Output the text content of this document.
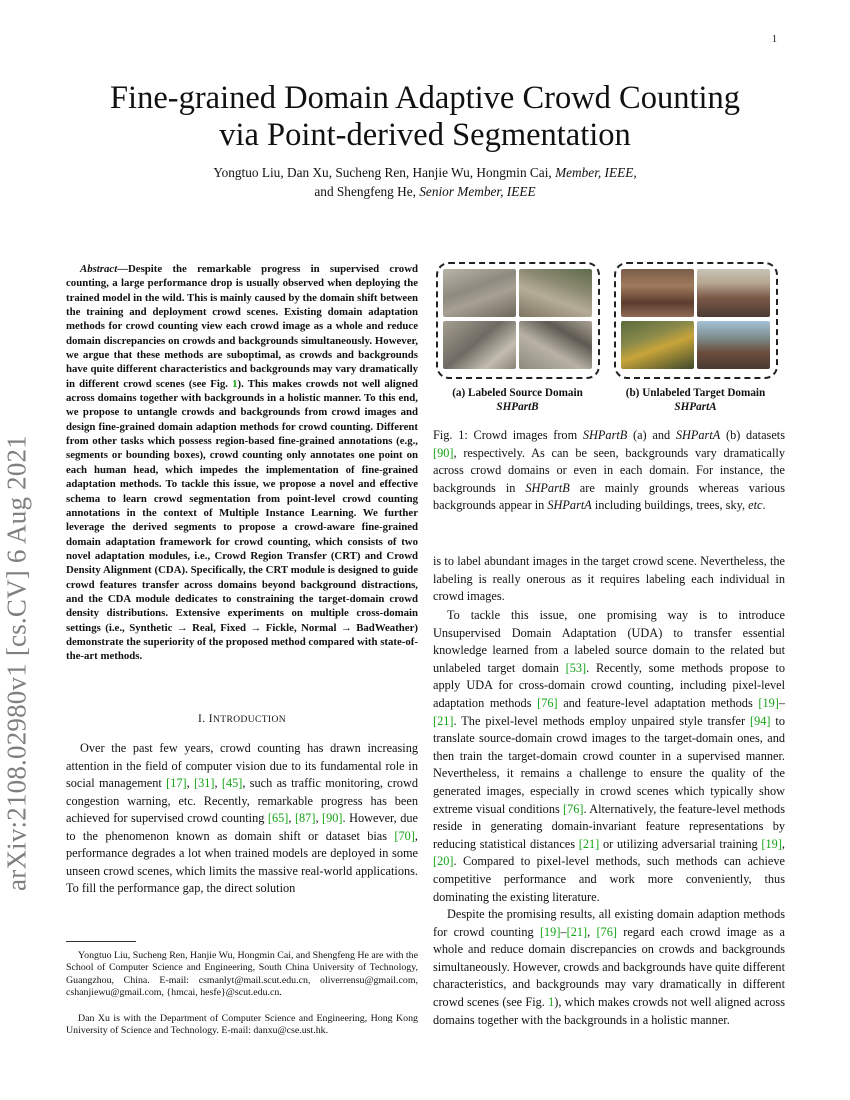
1
arXiv:2108.02980v1 [cs.CV] 6 Aug 2021
Fine-grained Domain Adaptive Crowd Counting
via Point-derived Segmentation
Yongtuo Liu, Dan Xu, Sucheng Ren, Hanjie Wu, Hongmin Cai, Member, IEEE,
and Shengfeng He, Senior Member, IEEE
Abstract—Despite the remarkable progress in supervised crowd counting, a large performance drop is usually observed when deploying the trained model in the wild. This is mainly caused by the domain shift between the training and deployment crowd scenes. Existing domain adaptation methods for crowd counting view each crowd image as a whole and reduce domain discrepancies on crowds and backgrounds simultaneously. However, we argue that these methods are suboptimal, as crowds and backgrounds have quite different characteristics and backgrounds may vary dramatically in different crowd scenes (see Fig. 1). This makes crowds not well aligned across domains together with backgrounds in a holistic manner. To this end, we propose to untangle crowds and backgrounds from crowd images and design fine-grained domain adaption methods for crowd counting. Different from other tasks which possess region-based fine-grained annotations (e.g., segments or bounding boxes), crowd counting only annotates one point on each human head, which impedes the implementation of fine-grained adaptation methods. To tackle this issue, we propose a novel and effective schema to learn crowd segmentation from point-level crowd counting annotations in the context of Multiple Instance Learning. We further leverage the derived segments to propose a crowd-aware fine-grained domain adaptation framework for crowd counting, which consists of two novel adaptation modules, i.e., Crowd Region Transfer (CRT) and Crowd Density Alignment (CDA). Specifically, the CRT module is designed to guide crowd features transfer across domains beyond background distractions, and the CDA module dedicates to constraining the target-domain crowd density distributions. Extensive experiments on multiple cross-domain settings (i.e., Synthetic → Real, Fixed → Fickle, Normal → BadWeather) demonstrate the superiority of the proposed method compared with state-of-the-art methods.
I. INTRODUCTION
Over the past few years, crowd counting has drawn increasing attention in the field of computer vision due to its fundamental role in social management [17], [31], [45], such as traffic monitoring, crowd congestion warning, etc. Recently, remarkable progress has been achieved for supervised crowd counting [65], [87], [90]. However, due to the phenomenon known as domain shift or dataset bias [70], performance degrades a lot when trained models are deployed in some unseen crowd scenes, which limits the massive real-world applications. To fill the performance gap, the direct solution
Yongtuo Liu, Sucheng Ren, Hanjie Wu, Hongmin Cai, and Shengfeng He are with the School of Computer Science and Engineering, South China University of Technology, Guangzhou, China. E-mail: csmanlyt@mail.scut.edu.cn, oliverrensu@gmail.com, cshanjiewu@gmail.com, {hmcai, hesfe}@scut.edu.cn.
Dan Xu is with the Department of Computer Science and Engineering, Hong Kong University of Science and Technology. E-mail: danxu@cse.ust.hk.
(a) Labeled Source Domain
SHPartB
(b) Unlabeled Target Domain
SHPartA
Fig. 1: Crowd images from SHPartB (a) and SHPartA (b) datasets [90], respectively. As can be seen, backgrounds vary dramatically across crowd domains or even in each domain. For instance, the backgrounds in SHPartB are mainly grounds whereas various backgrounds appear in SHPartA including buildings, trees, sky, etc.
is to label abundant images in the target crowd scene. Nevertheless, the labeling is really onerous as it requires labeling each individual in crowd images.
To tackle this issue, one promising way is to introduce Unsupervised Domain Adaptation (UDA) to transfer essential knowledge learned from a labeled source domain to the related but unlabeled target domain [53]. Recently, some methods propose to apply UDA for cross-domain crowd counting, including pixel-level adaptation methods [76] and feature-level adaptation methods [19]–[21]. The pixel-level methods employ unpaired style transfer [94] to translate source-domain crowd images to the target-domain ones, and then train the target-domain crowd counter in a supervised manner. Nevertheless, it remains a challenge to ensure the quality of the generated images, especially in crowd scenes which typically show extreme visual conditions [76]. Alternatively, the feature-level methods reside in generating domain-invariant feature representations by reducing statistical distances [21] or utilizing adversarial training [19], [20]. Compared to pixel-level methods, such methods can achieve competitive performance and work more conveniently, thus dominating the existing literature.
Despite the promising results, all existing domain adaption methods for crowd counting [19]–[21], [76] regard each crowd image as a whole and reduce domain discrepancies on crowds and backgrounds simultaneously. However, crowds and backgrounds have quite different characteristics, and backgrounds may vary dramatically in different crowd scenes (see Fig. 1), which makes crowds not well aligned across domains together with the backgrounds in a holistic manner.
